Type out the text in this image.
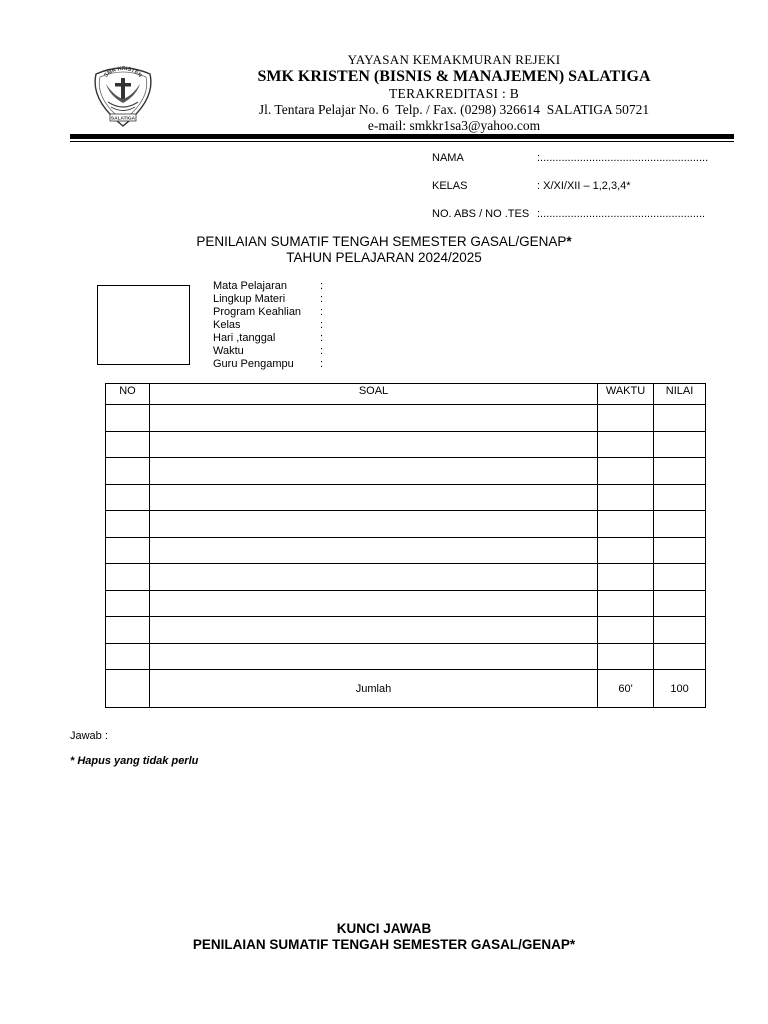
SMK KRISTEN
SALATIGA
YAYASAN KEMAKMURAN REJEKI
SMK KRISTEN (BISNIS & MANAJEMEN) SALATIGA
TERAKREDITASI : B
Jl. Tentara Pelajar No. 6  Telp. / Fax. (0298) 326614  SALATIGA 50721
e-mail: smkkr1sa3@yahoo.com
NAMA	:.......................................................
KELAS	: X/XI/XII – 1,2,3,4*
NO. ABS / NO .TES :......................................................
PENILAIAN SUMATIF TENGAH SEMESTER GASAL/GENAP*
TAHUN PELAJARAN 2024/2025
Mata Pelajaran	:
Lingkup Materi	:
Program Keahlian	:
Kelas	:
Hari ,tanggal	:
Waktu	:
Guru Pengampu	:
NO	SOAL	WAKTU	NILAI

	Jumlah	60'	100
Jawab :
* Hapus yang tidak perlu
KUNCI JAWAB
PENILAIAN SUMATIF TENGAH SEMESTER GASAL/GENAP*
